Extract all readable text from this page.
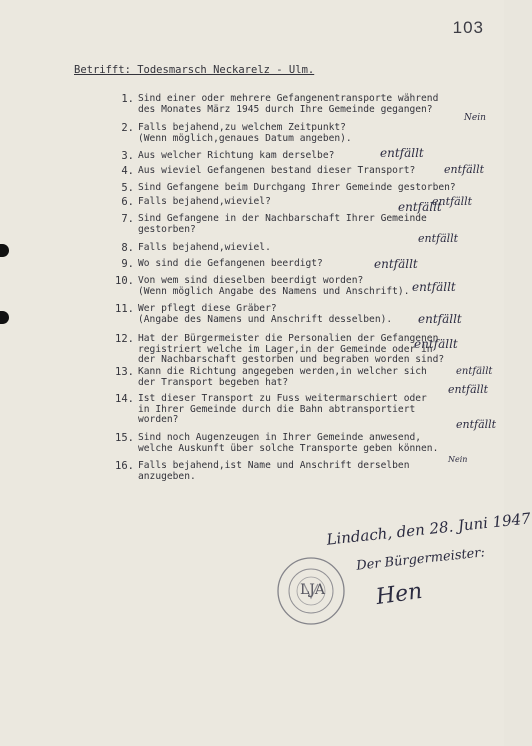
103
Betrifft: Todesmarsch Neckarelz - Ulm.
1. Sind einer oder mehrere Gefangenentransporte während
des Monates März 1945 durch Ihre Gemeinde gegangen?
2. Falls bejahend,zu welchem Zeitpunkt?
(Wenn möglich,genaues Datum angeben).
3. Aus welcher Richtung kam derselbe?
4. Aus wieviel Gefangenen bestand dieser Transport?
5. Sind Gefangene beim Durchgang Ihrer Gemeinde gestorben?
6. Falls bejahend,wieviel?
7. Sind Gefangene in der Nachbarschaft Ihrer Gemeinde
gestorben?
8. Falls bejahend,wieviel.
9. Wo sind die Gefangenen beerdigt?
10. Von wem sind dieselben beerdigt worden?
(Wenn möglich Angabe des Namens und Anschrift).
11. Wer pflegt diese Gräber?
(Angabe des Namens und Anschrift desselben).
12. Hat der Bürgermeister die Personalien der Gefangenen
registriert welche im Lager,in der Gemeinde oder in
der Nachbarschaft gestorben und begraben worden sind?
13. Kann die Richtung angegeben werden,in welcher sich
der Transport begeben hat?
14. Ist dieser Transport zu Fuss weitermarschiert oder
in Ihrer Gemeinde durch die Bahn abtransportiert
worden?
15. Sind noch Augenzeugen in Ihrer Gemeinde anwesend,
welche Auskunft über solche Transporte geben können.
16. Falls bejahend,ist Name und Anschrift derselben
anzugeben.
Nein
entfällt
entfällt
entfällt
entfällt
entfällt
entfällt
entfällt
entfällt
entfällt
entfällt
entfällt
entfällt
Nein
LJA
Lindach, den 28. Juni 1947
Der Bürgermeister:
Hen
